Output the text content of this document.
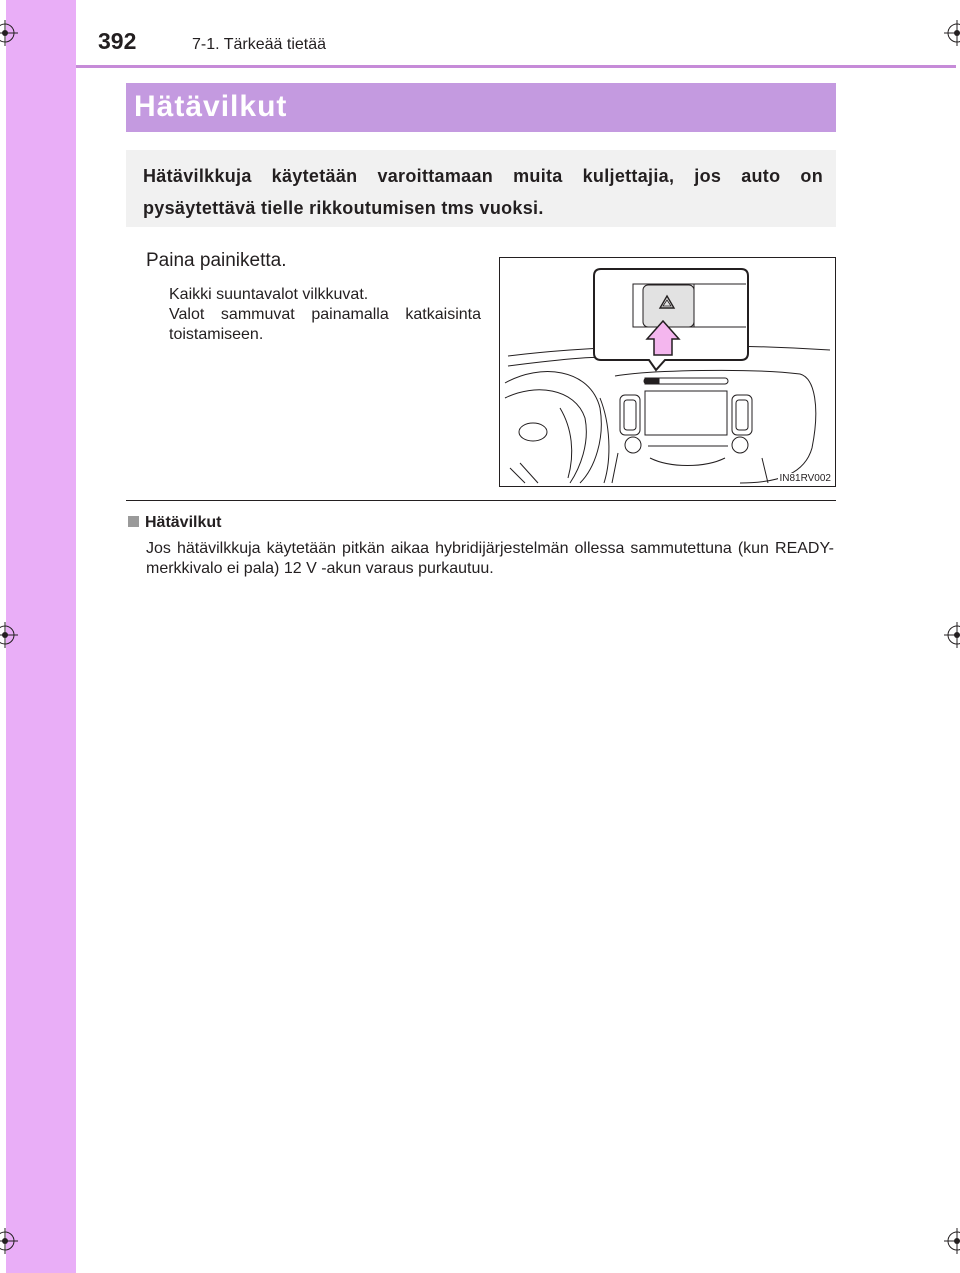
392	7-1. Tärkeää tietää
Hätävilkut
Hätävilkkuja käytetään varoittamaan muita kuljettajia, jos auto on pysäytettävä tielle rikkoutumisen tms vuoksi.
Paina painiketta.
Kaikki suuntavalot vilkkuvat.
Valot sammuvat painamalla katkaisinta toistamiseen.
IN81RV002
Hätävilkut
Jos hätävilkkuja käytetään pitkän aikaa hybridijärjestelmän ollessa sammutettuna (kun READY-merkkivalo ei pala) 12 V -akun varaus purkautuu.
